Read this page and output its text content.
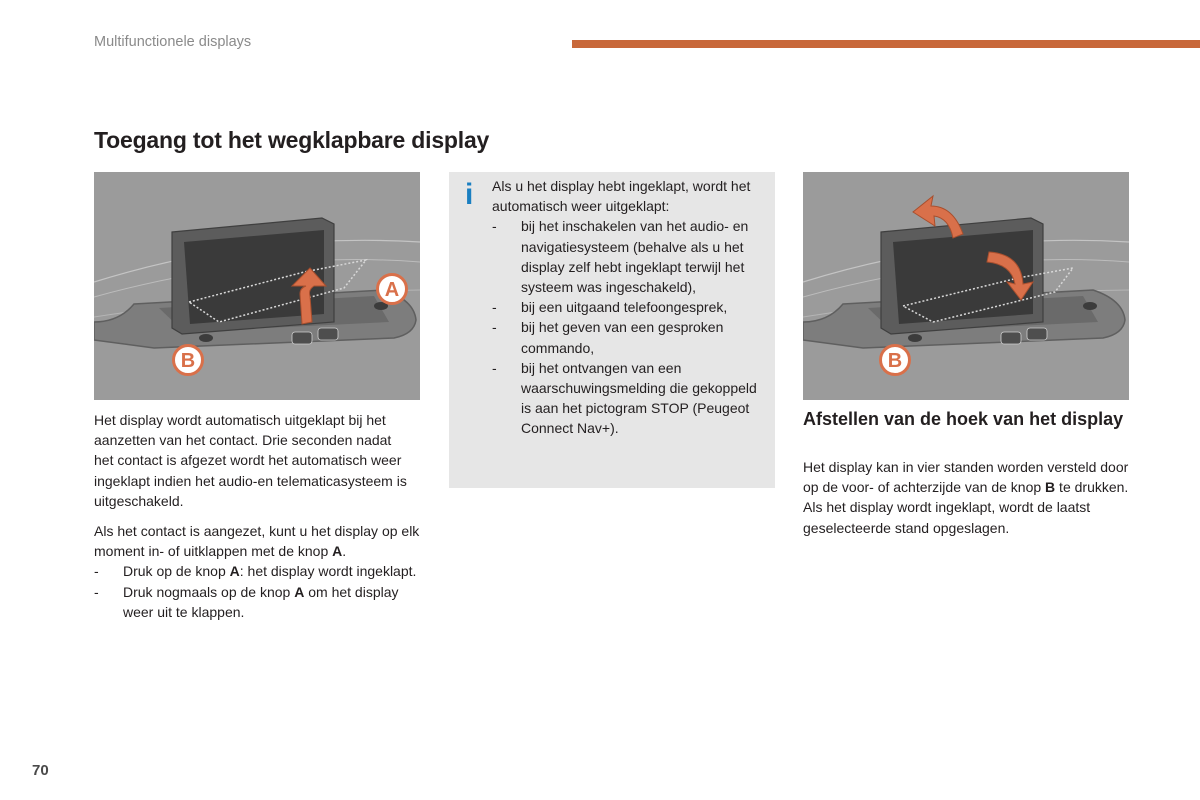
Multifunctionele displays
Toegang tot het wegklapbare display
A
B
i Als u het display hebt ingeklapt, wordt het automatisch weer uitgeklapt:

- bij het inschakelen van het audio- en navigatiesysteem (behalve als u het display zelf hebt ingeklapt terwijl het systeem was ingeschakeld),
- bij een uitgaand telefoongesprek,
- bij het geven van een gesproken commando,
- bij het ontvangen van een waarschuwingsmelding die gekoppeld is aan het pictogram STOP (Peugeot Connect Nav+).
B

Het display wordt automatisch uitgeklapt bij het aanzetten van het contact. Drie seconden nadat het contact is afgezet wordt het automatisch weer ingeklapt indien het audio-en telematicasysteem is uitgeschakeld.

Als het contact is aangezet, kunt u het display op elk moment in- of uitklappen met de knop A.

- Druk op de knop A: het display wordt ingeklapt.
- Druk nogmaals op de knop A om het display weer uit te klappen.
Afstellen van de hoek van het display

Het display kan in vier standen worden versteld door op de voor- of achterzijde van de knop B te drukken. Als het display wordt ingeklapt, wordt de laatst geselecteerde stand opgeslagen.

70
